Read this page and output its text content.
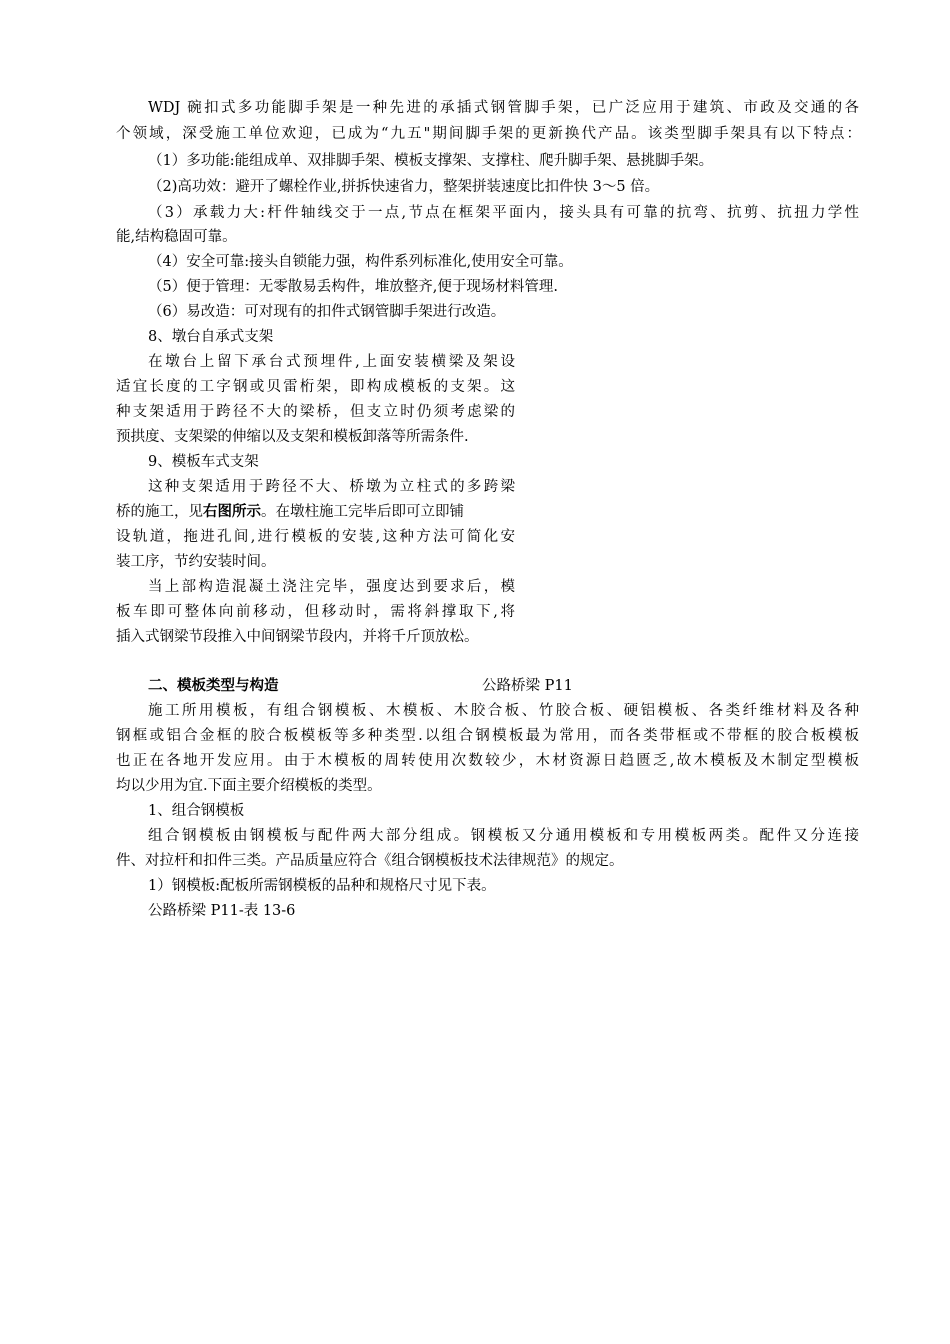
WDJ 碗扣式多功能脚手架是一种先进的承插式钢管脚手架，已广泛应用于建筑、市政及交通的各
个领域，深受施工单位欢迎，已成为“九五"期间脚手架的更新换代产品。该类型脚手架具有以下特点：
（1）多功能:能组成单、双排脚手架、模板支撑架、支撑柱、爬升脚手架、悬挑脚手架。
（2)高功效：避开了螺栓作业,拼拆快速省力，整架拼装速度比扣件快 3～5 倍。
（3）承载力大:杆件轴线交于一点,节点在框架平面内，接头具有可靠的抗弯、抗剪、抗扭力学性
能,结构稳固可靠。
（4）安全可靠:接头自锁能力强，构件系列标准化,使用安全可靠。
（5）便于管理：无零散易丢构件，堆放整齐,便于现场材料管理.
（6）易改造：可对现有的扣件式钢管脚手架进行改造。
8、墩台自承式支架
在墩台上留下承台式预埋件,上面安装横梁及架设
适宜长度的工字钢或贝雷桁架，即构成模板的支架。这
种支架适用于跨径不大的梁桥，但支立时仍须考虑梁的
预拱度、支架梁的伸缩以及支架和模板卸落等所需条件.
9、模板车式支架
这种支架适用于跨径不大、桥墩为立柱式的多跨梁
桥的施工，见右图所示。在墩柱施工完毕后即可立即铺
设轨道，拖进孔间,进行模板的安装,这种方法可简化安
装工序，节约安装时间。
当上部构造混凝土浇注完毕，强度达到要求后，模
板车即可整体向前移动，但移动时，需将斜撑取下,将
插入式钢梁节段推入中间钢梁节段内，并将千斤顶放松。
二、模板类型与构造	公路桥梁 P11
施工所用模板，有组合钢模板、木模板、木胶合板、竹胶合板、硬铝模板、各类纤维材料及各种
钢框或铝合金框的胶合板模板等多种类型.以组合钢模板最为常用，而各类带框或不带框的胶合板模板
也正在各地开发应用。由于木模板的周转使用次数较少，木材资源日趋匮乏,故木模板及木制定型模板
均以少用为宜.下面主要介绍模板的类型。
1、组合钢模板
组合钢模板由钢模板与配件两大部分组成。钢模板又分通用模板和专用模板两类。配件又分连接
件、对拉杆和扣件三类。产品质量应符合《组合钢模板技术法律规范》的规定。
1）钢模板:配板所需钢模板的品种和规格尺寸见下表。
公路桥梁 P11-表 13-6
